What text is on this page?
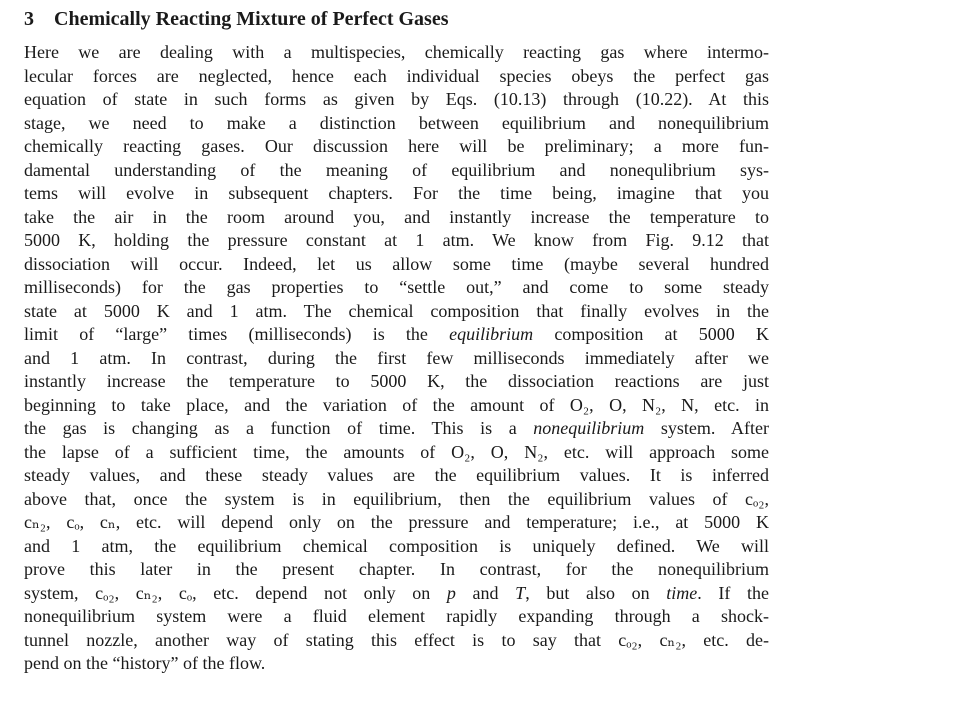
3 Chemically Reacting Mixture of Perfect Gases
Here we are dealing with a multispecies, chemically reacting gas where intermo-
lecular forces are neglected, hence each individual species obeys the perfect gas
equation of state in such forms as given by Eqs. (10.13) through (10.22). At this
stage, we need to make a distinction between equilibrium and nonequilibrium
chemically reacting gases. Our discussion here will be preliminary; a more fun-
damental understanding of the meaning of equilibrium and nonequlibrium sys-
tems will evolve in subsequent chapters. For the time being, imagine that you
take the air in the room around you, and instantly increase the temperature to
5000 K, holding the pressure constant at 1 atm. We know from Fig. 9.12 that
dissociation will occur. Indeed, let us allow some time (maybe several hundred
milliseconds) for the gas properties to “settle out,” and come to some steady
state at 5000 K and 1 atm. The chemical composition that finally evolves in the
limit of “large” times (milliseconds) is the equilibrium composition at 5000 K
and 1 atm. In contrast, during the first few milliseconds immediately after we
instantly increase the temperature to 5000 K, the dissociation reactions are just
beginning to take place, and the variation of the amount of O₂, O, N₂, N, etc. in
the gas is changing as a function of time. This is a nonequilibrium system. After
the lapse of a sufficient time, the amounts of O₂, O, N₂, etc. will approach some
steady values, and these steady values are the equilibrium values. It is inferred
above that, once the system is in equilibrium, then the equilibrium values of cₒ₂,
cₙ₂, cₒ, cₙ, etc. will depend only on the pressure and temperature; i.e., at 5000 K
and 1 atm, the equilibrium chemical composition is uniquely defined. We will
prove this later in the present chapter. In contrast, for the nonequilibrium
system, cₒ₂, cₙ₂, cₒ, etc. depend not only on p and T, but also on time. If the
nonequilibrium system were a fluid element rapidly expanding through a shock-
tunnel nozzle, another way of stating this effect is to say that cₒ₂, cₙ₂, etc. de-
pend on the “history” of the flow.
